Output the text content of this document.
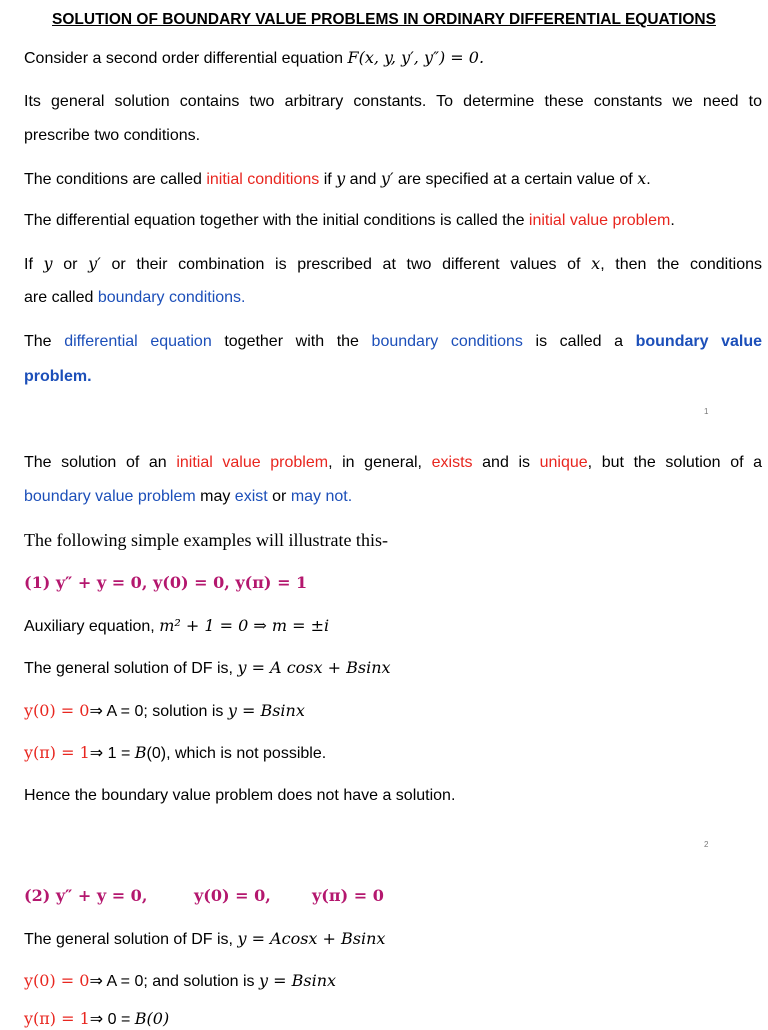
SOLUTION OF BOUNDARY VALUE PROBLEMS IN ORDINARY DIFFERENTIAL EQUATIONS
Consider a second order differential equation F(x, y, y′, y″) = 0.
Its general solution contains two arbitrary constants. To determine these constants we need to
prescribe two conditions.
The conditions are called initial conditions if y and y′ are specified at a certain value of x.
The differential equation together with the initial conditions is called the initial value problem.
If y or y′ or their combination is prescribed at two different values of x, then the conditions
are called boundary conditions.
The differential equation together with the boundary conditions is called a boundary value
problem.
1
The solution of an initial value problem, in general, exists and is unique, but the solution of a
boundary value problem may exist or may not.
The following simple examples will illustrate this-
(1) y″ + y = 0, y(0) = 0, y(π) = 1
Auxiliary equation, m² + 1 = 0 ⇒ m = ±i
The general solution of DF is, y = A cosx + Bsinx
y(0) = 0⇒ A = 0; solution is y = Bsinx
y(π) = 1⇒ 1 = B(0), which is not possible.
Hence the boundary value problem does not have a solution.
2
(2) y″ + y = 0,	y(0) = 0,	y(π) = 0
The general solution of DF is, y = Acosx + Bsinx
y(0) = 0⇒ A = 0; and solution is y = Bsinx
y(π) = 1⇒ 0 = B(0)
